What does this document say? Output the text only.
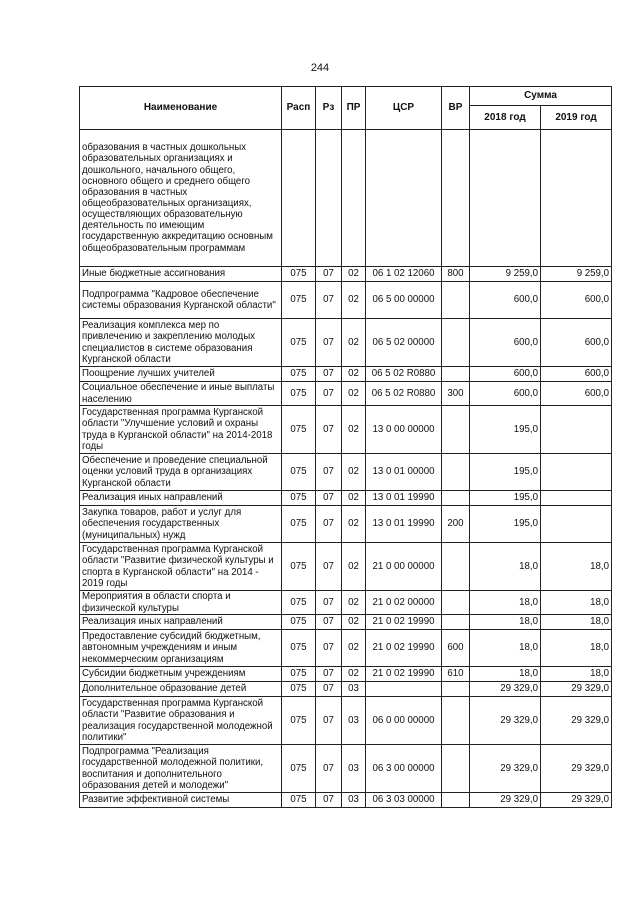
244
Наименование	Расп	Рз	ПР	ЦСР	ВР	Сумма	
						2018 год	2019 год
образования в частных дошкольных образовательных организациях и дошкольного, начального общего, основного общего и среднего общего образования в частных общеобразовательных организациях, осуществляющих образовательную деятельность по имеющим государственную аккредитацию основным общеобразовательным программам							
Иные бюджетные ассигнования	075	07	02	06 1 02 12060	800	9 259,0	9 259,0
Подпрограмма "Кадровое обеспечение системы образования Курганской области"	075	07	02	06 5 00 00000		600,0	600,0
Реализация комплекса мер по привлечению и закреплению молодых специалистов в системе образования Курганской области	075	07	02	06 5 02 00000		600,0	600,0
Поощрение лучших учителей	075	07	02	06 5 02 R0880		600,0	600,0
Социальное обеспечение и иные выплаты населению	075	07	02	06 5 02 R0880	300	600,0	600,0
Государственная программа Курганской области "Улучшение условий и охраны труда в Курганской области" на 2014-2018 годы	075	07	02	13 0 00 00000		195,0	
Обеспечение и проведение специальной оценки условий труда в организациях Курганской области	075	07	02	13 0 01 00000		195,0	
Реализация иных направлений	075	07	02	13 0 01 19990		195,0	
Закупка товаров, работ и услуг для обеспечения государственных (муниципальных) нужд	075	07	02	13 0 01 19990	200	195,0	
Государственная программа Курганской области "Развитие физической культуры и спорта в Курганской области" на 2014 - 2019 годы	075	07	02	21 0 00 00000		18,0	18,0
Мероприятия в области спорта и физической культуры	075	07	02	21 0 02 00000		18,0	18,0
Реализация иных направлений	075	07	02	21 0 02 19990		18,0	18,0
Предоставление субсидий бюджетным, автономным учреждениям и иным некоммерческим организациям	075	07	02	21 0 02 19990	600	18,0	18,0
Субсидии бюджетным учреждениям	075	07	02	21 0 02 19990	610	18,0	18,0
Дополнительное образование детей	075	07	03			29 329,0	29 329,0
Государственная программа Курганской области "Развитие образования и реализация государственной молодежной политики"	075	07	03	06 0 00 00000		29 329,0	29 329,0
Подпрограмма "Реализация государственной молодежной политики, воспитания и дополнительного образования детей и молодежи"	075	07	03	06 3 00 00000		29 329,0	29 329,0
Развитие эффективной системы	075	07	03	06 3 03 00000		29 329,0	29 329,0
